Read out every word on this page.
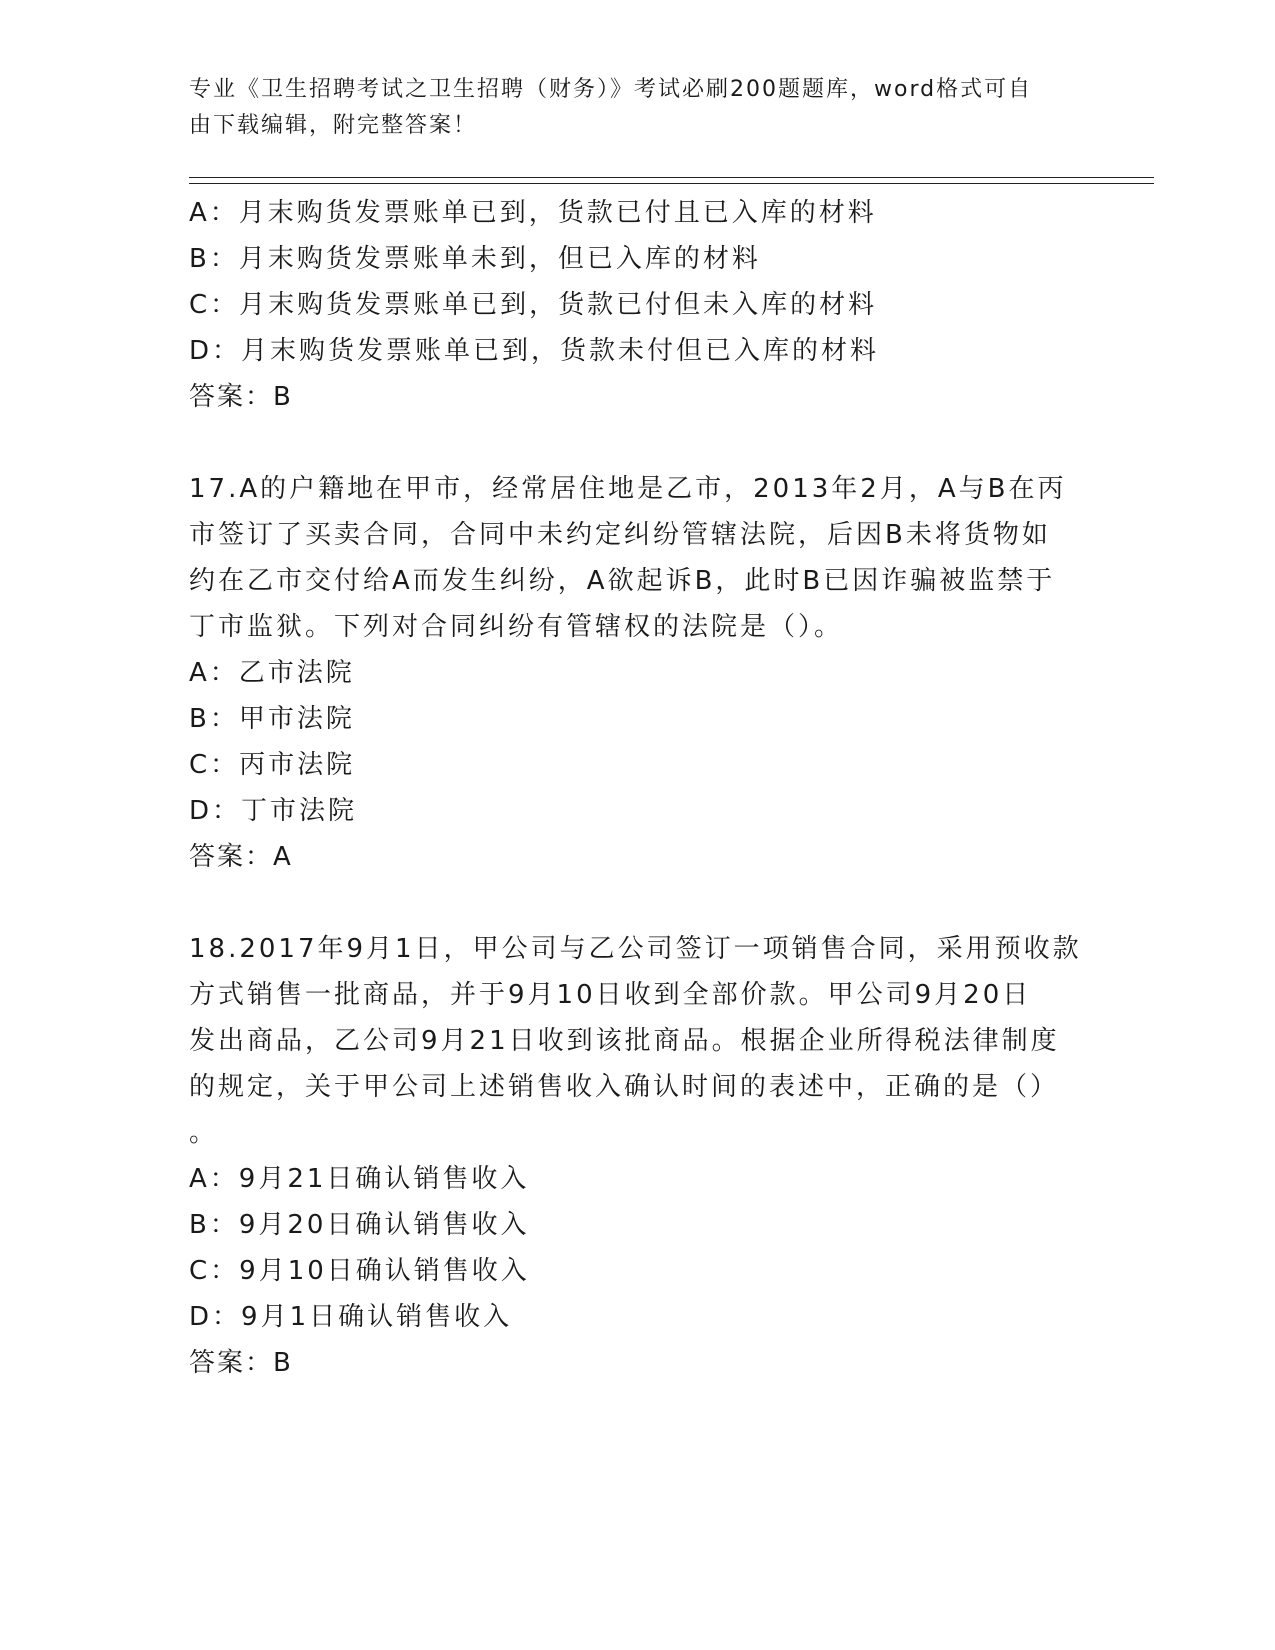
专业《卫生招聘考试之卫生招聘（财务）》考试必刷200题题库，word格式可自
由下载编辑，附完整答案！
A：月末购货发票账单已到，货款已付且已入库的材料
B：月末购货发票账单未到，但已入库的材料
C：月末购货发票账单已到，货款已付但未入库的材料
D：月末购货发票账单已到，货款未付但已入库的材料
答案：B
17.A的户籍地在甲市，经常居住地是乙市，2013年2月，A与B在丙
市签订了买卖合同，合同中未约定纠纷管辖法院，后因B未将货物如
约在乙市交付给A而发生纠纷，A欲起诉B，此时B已因诈骗被监禁于
丁市监狱。下列对合同纠纷有管辖权的法院是（）。
A：乙市法院
B：甲市法院
C：丙市法院
D：丁市法院
答案：A
18.2017年9月1日，甲公司与乙公司签订一项销售合同，采用预收款
方式销售一批商品，并于9月10日收到全部价款。甲公司9月20日
发出商品，乙公司9月21日收到该批商品。根据企业所得税法律制度
的规定，关于甲公司上述销售收入确认时间的表述中，正确的是（）
。
A：9月21日确认销售收入
B：9月20日确认销售收入
C：9月10日确认销售收入
D：9月1日确认销售收入
答案：B
